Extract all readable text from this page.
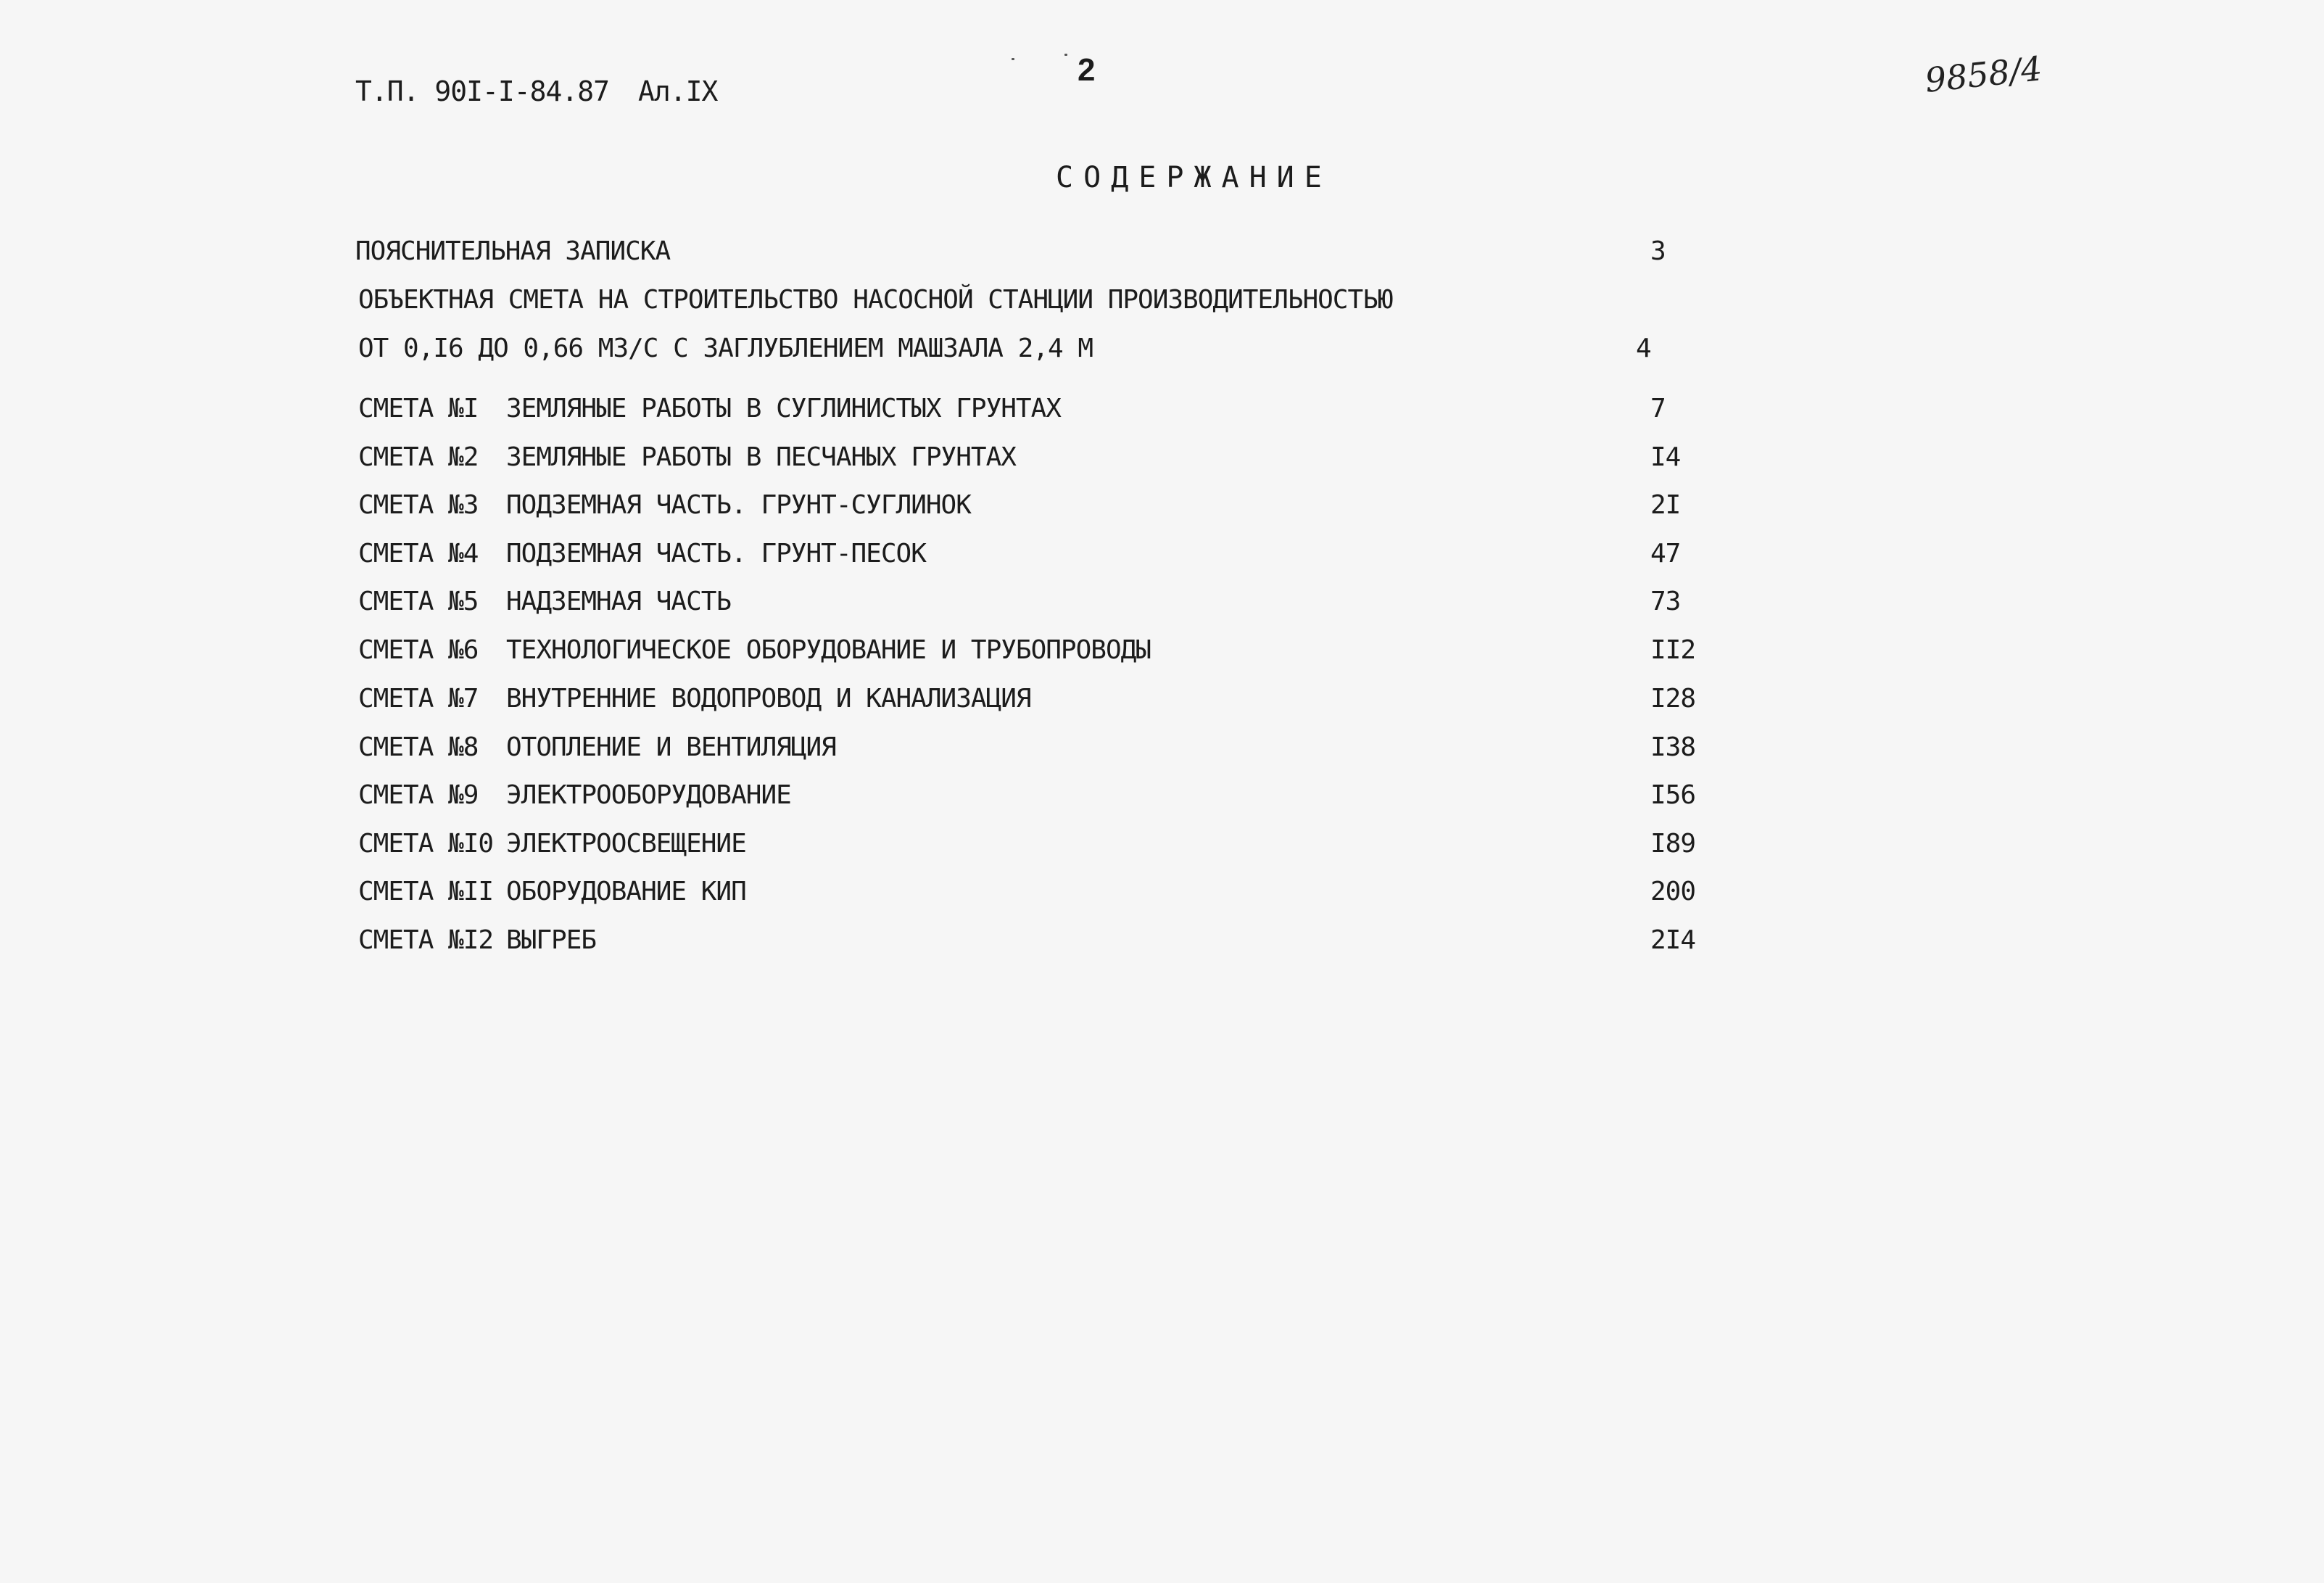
Т.П. 90I-I-84.87 Ал.IX
2	9858/4
СОДЕРЖАНИЕ
ПОЯСНИТЕЛЬНАЯ ЗАПИСКА	3
ОБЪЕКТНАЯ СМЕТА НА СТРОИТЕЛЬСТВО НАСОСНОЙ СТАНЦИИ ПРОИЗВОДИТЕЛЬНОСТЬЮ
ОТ 0,I6 ДО 0,66 М3/С С ЗАГЛУБЛЕНИЕМ МАШЗАЛА 2,4 М	4
СМЕТА №I ЗЕМЛЯНЫЕ РАБОТЫ В СУГЛИНИСТЫХ ГРУНТАХ	7
СМЕТА №2 ЗЕМЛЯНЫЕ РАБОТЫ В ПЕСЧАНЫХ ГРУНТАХ	I4
СМЕТА №3 ПОДЗЕМНАЯ ЧАСТЬ. ГРУНТ-СУГЛИНОК	2I
СМЕТА №4 ПОДЗЕМНАЯ ЧАСТЬ. ГРУНТ-ПЕСОК	47
СМЕТА №5 НАДЗЕМНАЯ ЧАСТЬ	73
СМЕТА №6 ТЕХНОЛОГИЧЕСКОЕ ОБОРУДОВАНИЕ И ТРУБОПРОВОДЫ	II2
СМЕТА №7 ВНУТРЕННИЕ ВОДОПРОВОД И КАНАЛИЗАЦИЯ	I28
СМЕТА №8 ОТОПЛЕНИЕ И ВЕНТИЛЯЦИЯ	I38
СМЕТА №9 ЭЛЕКТРООБОРУДОВАНИЕ	I56
СМЕТА №I0 ЭЛЕКТРООСВЕЩЕНИЕ	I89
СМЕТА №II ОБОРУДОВАНИЕ КИП	200
СМЕТА №I2 ВЫГРЕБ	2I4
